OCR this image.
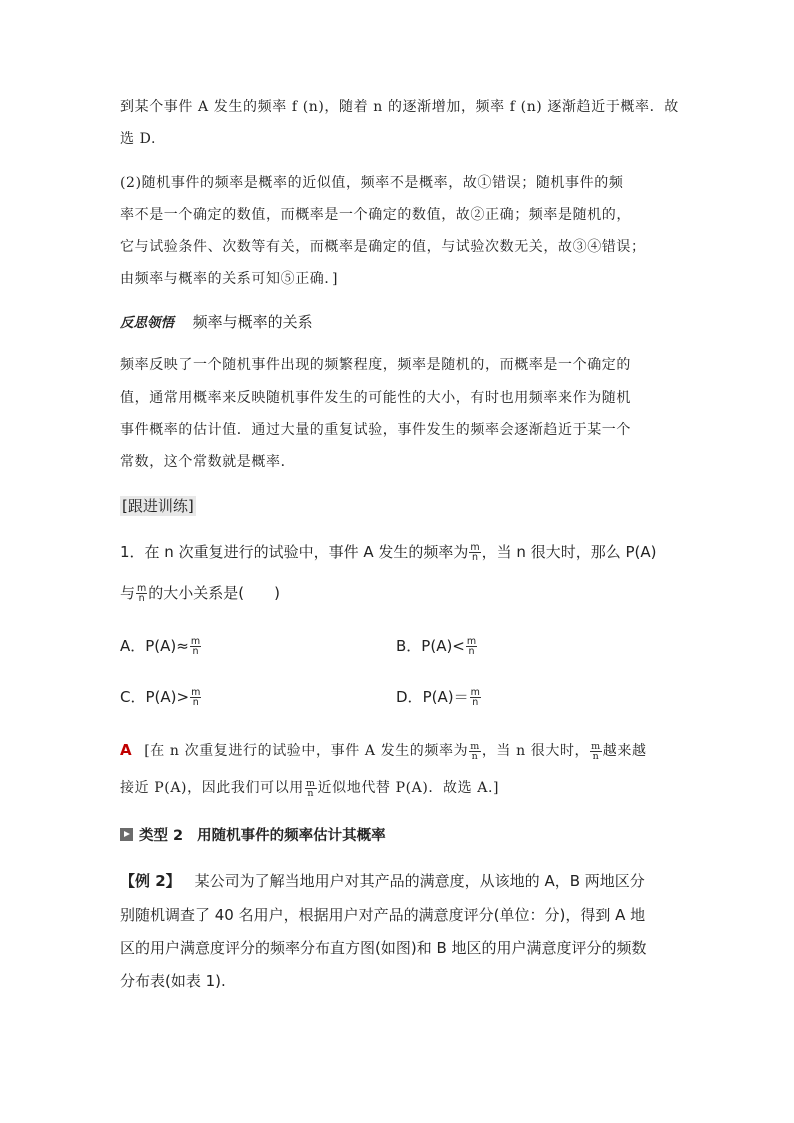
到某个事件 A 发生的频率 f (n)，随着 n 的逐渐增加，频率 f (n) 逐渐趋近于概率．故
选 D.
(2)随机事件的频率是概率的近似值，频率不是概率，故①错误；随机事件的频
率不是一个确定的数值，而概率是一个确定的数值，故②正确；频率是随机的，
它与试验条件、次数等有关，而概率是确定的值，与试验次数无关，故③④错误；
由频率与概率的关系可知⑤正确．]
反思领悟 频率与概率的关系
频率反映了一个随机事件出现的频繁程度，频率是随机的，而概率是一个确定的
值，通常用概率来反映随机事件发生的可能性的大小，有时也用频率来作为随机
事件概率的估计值．通过大量的重复试验，事件发生的频率会逐渐趋近于某一个
常数，这个常数就是概率．
[跟进训练]
1．在 n 次重复进行的试验中，事件 A 发生的频率为 $\frac{m}{n}$ ，当 n 很大时，那么 P(A)
与 $\frac{m}{n}$ 的大小关系是(　　)
A．$P(A)\approx \frac{m}{n}$	B．$P(A)< \frac{m}{n}$
C．$P(A)> \frac{m}{n}$	D．$P(A)= \frac{m}{n}$
A [在 n 次重复进行的试验中，事件 A 发生的频率为 $\frac{m}{n}$ ，当 n 很大时， $\frac{m}{n}$ 越来越
接近 P(A)，因此我们可以用 $\frac{m}{n}$ 近似地代替 P(A)．故选 A.]
类型 2 用随机事件的频率估计其概率
【例 2】 某公司为了解当地用户对其产品的满意度，从该地的 A，B 两地区分
别随机调查了 40 名用户，根据用户对产品的满意度评分(单位：分)，得到 A 地
区的用户满意度评分的频率分布直方图(如图)和 B 地区的用户满意度评分的频数
分布表(如表 1).
